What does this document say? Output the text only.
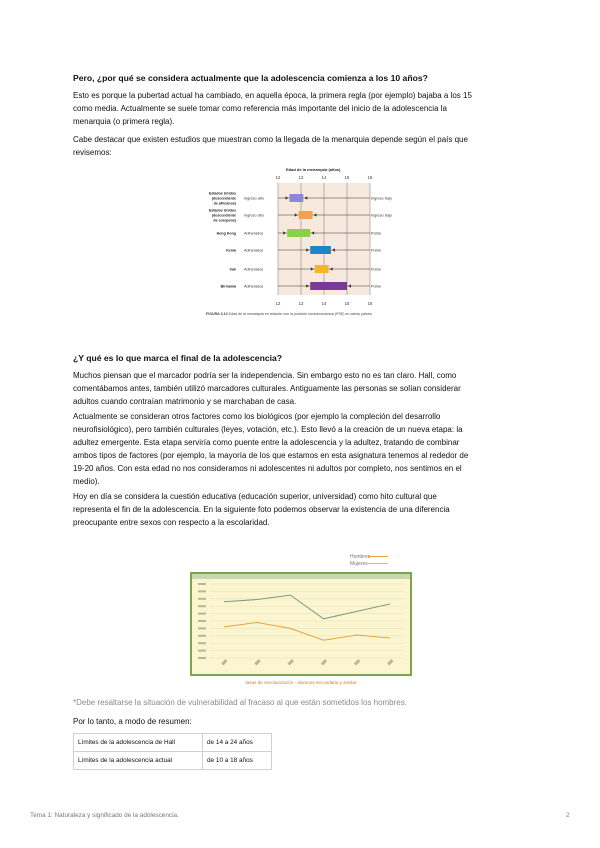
Pero, ¿por qué se considera actualmente que la adolescencia comienza a los 10 años?
Esto es porque la pubertad actual ha cambiado, en aquella época, la primera regla (por ejemplo) bajaba a los 15
como media. Actualmente se suele tomar como referencia más importante del inicio de la adolescencia la
menarquia (o primera regla).
Cabe destacar que existen estudios que muestran como la llegada de la menarquia depende según el país que
revisemos:
Edad de la menarquia (años)
12	13	14	15	16
12	13	14	15	16
Estados Unidos
(descendiente
de africanos)
Ingreso alto	Ingreso bajo
Estados Unidos
(descendiente
de europeos)
Ingreso alto	Ingreso bajo
Hong Kong Adinerados	Pobre
Kenia Adinerados	Pobre
Irak Adinerados	Pobre
Birmania Adinerados	Pobre
FIGURA 3.10 Edad de la menarquia en relación con la posición socioeconómica (PSE) en varios países.
¿Y qué es lo que marca el final de la adolescencia?
Muchos piensan que el marcador podría ser la independencia. Sin embargo esto no es tan claro. Hall, como
comentábamos antes, también utilizó marcadores culturales. Antiguamente las personas se solían considerar
adultos cuando contraían matrimonio y se marchaban de casa.
Actualmente se consideran otros factores como los biológicos (por ejemplo la compleción del desarrollo
neurofisiológico), pero también culturales (leyes, votación, etc.). Esto llevó a la creación de un nueva etapa: la
adultez emergente. Esta etapa serviría como puente entre la adolescencia y la adultez, tratando de combinar
ambos tipos de factores (por ejemplo, la mayoría de los que estamos en esta asignatura tenemos al rededor de
19-20 años. Con esta edad no nos consideramos ni adolescentes ni adultos por completo, nos sentimos en el
medio).
Hoy en día se considera la cuestión educativa (educación superior, universidad) como hito cultural que
representa el fin de la adolescencia. En la siguiente foto podemos observar la existencia de una diferencia
preocupante entre sexos con respecto a la escolaridad.
Hombres
Mujeres
tasas de escolarización - alumnos secundaria y similar
*Debe resaltarse la situación de vulnerabilidad al fracaso al que están sometidos los hombres.
Por lo tanto, a modo de resumen:
Límites de la adolescencia de Hall	de 14 a 24 años
Límites de la adolescencia actual	de 10 a 18 años
Tema 1: Naturaleza y significado de la adolescencia.	2
